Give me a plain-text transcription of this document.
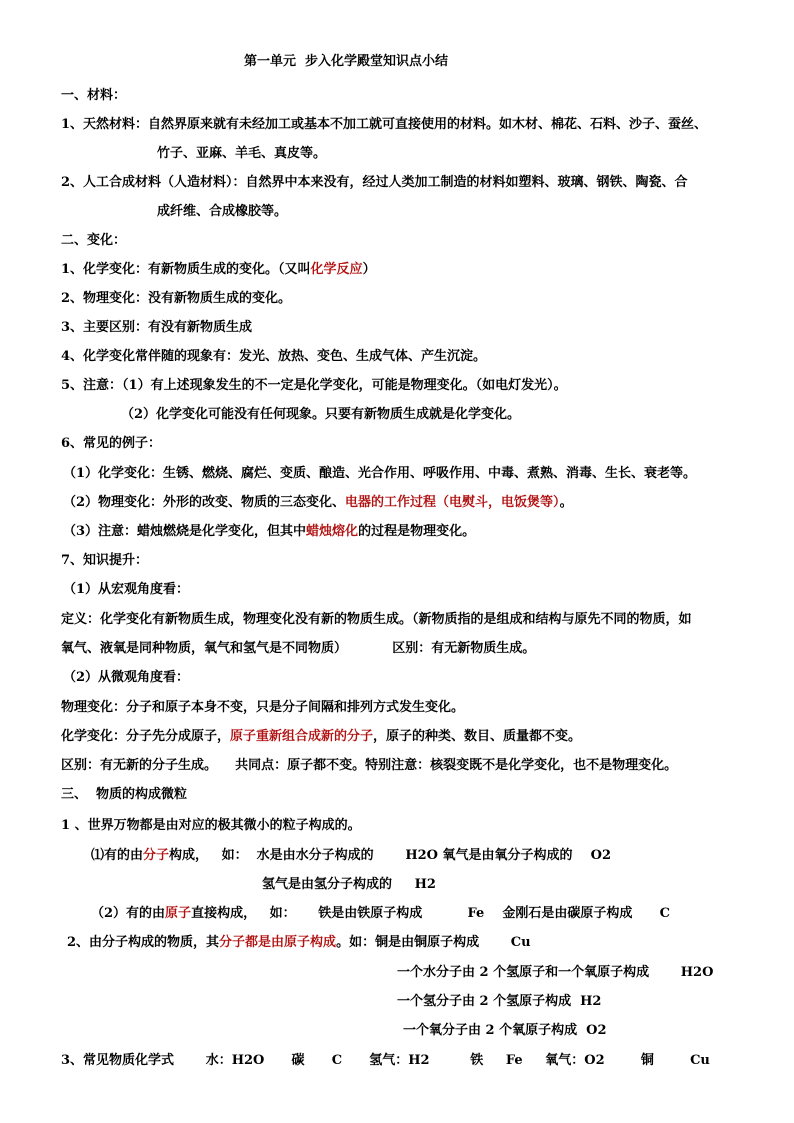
第一单元  步入化学殿堂知识点小结
一、材料：
1、天然材料：自然界原来就有未经加工或基本不加工就可直接使用的材料。如木材、棉花、石料、沙子、蚕丝、
竹子、亚麻、羊毛、真皮等。
2、人工合成材料（人造材料）：自然界中本来没有，经过人类加工制造的材料如塑料、玻璃、钢铁、陶瓷、合
成纤维、合成橡胶等。
二、变化：
1、化学变化：有新物质生成的变化。（又叫化学反应）
2、物理变化：没有新物质生成的变化。
3、主要区别：有没有新物质生成
4、化学变化常伴随的现象有：发光、放热、变色、生成气体、产生沉淀。
5、注意：（1）有上述现象发生的不一定是化学变化，可能是物理变化。（如电灯发光）。
（2）化学变化可能没有任何现象。只要有新物质生成就是化学变化。
6、常见的例子：
（1）化学变化：生锈、燃烧、腐烂、变质、酿造、光合作用、呼吸作用、中毒、煮熟、消毒、生长、衰老等。
（2）物理变化：外形的改变、物质的三态变化、电器的工作过程（电熨斗，电饭煲等）。
（3）注意：蜡烛燃烧是化学变化，但其中蜡烛熔化的过程是物理变化。
7、知识提升：
（1）从宏观角度看：
定义：化学变化有新物质生成，物理变化没有新的物质生成。（新物质指的是组成和结构与原先不同的物质，如
氧气、液氧是同种物质，氧气和氢气是不同物质）          区别：有无新物质生成。
（2）从微观角度看：
物理变化：分子和原子本身不变，只是分子间隔和排列方式发生变化。
化学变化：分子先分成原子，原子重新组合成新的分子，原子的种类、数目、质量都不变。
区别：有无新的分子生成。    共同点：原子都不变。特别注意：核裂变既不是化学变化，也不是物理变化。
三、  物质的构成微粒
1 、世界万物都是由对应的极其微小的粒子构成的。
⑴有的由分子构成，   如：  水是由水分子构成的       H2O 氧气是由氧分子构成的    O2
氢气是由氢分子构成的     H2
（2）有的由原子直接构成，   如：     铁是由铁原子构成          Fe    金刚石是由碳原子构成      C
2、由分子构成的物质，其分子都是由原子构成。如：铜是由铜原子构成       Cu
一个水分子由 2 个氢原子和一个氧原子构成       H2O
一个氢分子由 2 个氢原子构成  H2
一个氧分子由 2 个氧原子构成  O2
3、常见物质化学式       水：H2O      碳      C      氢气：H2         铁     Fe     氧气：O2        铜        Cu
